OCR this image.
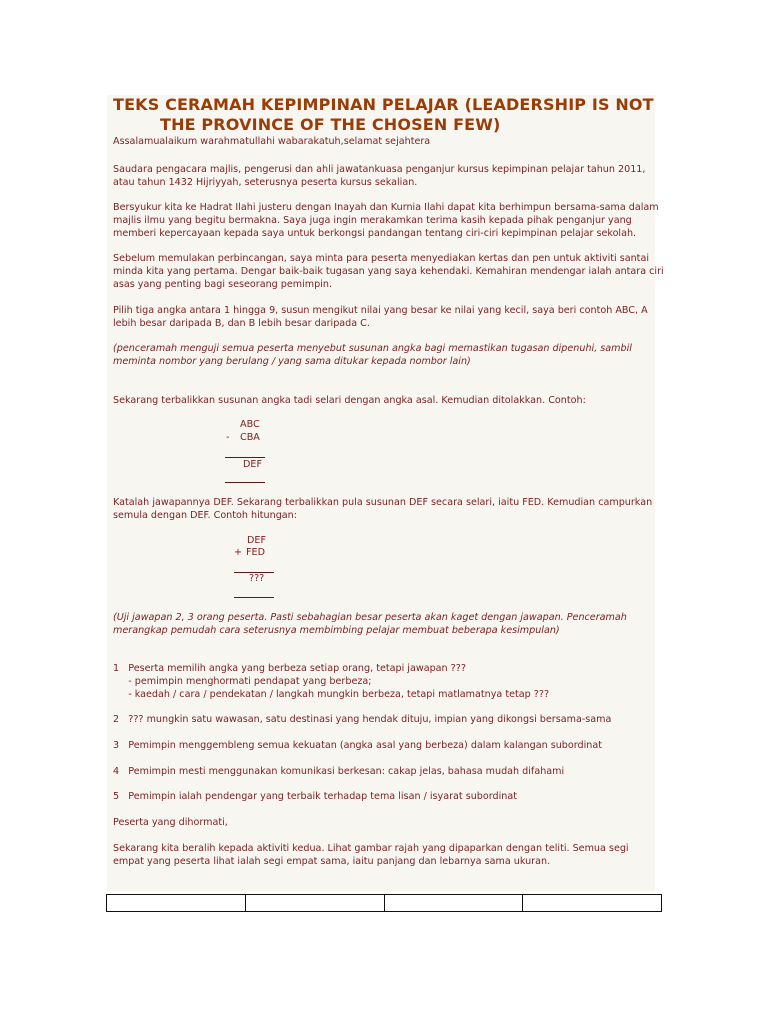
TEKS CERAMAH KEPIMPINAN PELAJAR (LEADERSHIP IS NOT
THE PROVINCE OF THE CHOSEN FEW)
Assalamualaikum warahmatullahi wabarakatuh,selamat sejahtera
Saudara pengacara majlis, pengerusi dan ahli jawatankuasa penganjur kursus kepimpinan pelajar tahun 2011,
atau tahun 1432 Hijriyyah, seterusnya peserta kursus sekalian.
Bersyukur kita ke Hadrat Ilahi justeru dengan Inayah dan Kurnia Ilahi dapat kita berhimpun bersama-sama dalam
majlis ilmu yang begitu bermakna. Saya juga ingin merakamkan terima kasih kepada pihak penganjur yang
memberi kepercayaan kepada saya untuk berkongsi pandangan tentang ciri-ciri kepimpinan pelajar sekolah.
Sebelum memulakan perbincangan, saya minta para peserta menyediakan kertas dan pen untuk aktiviti santai
minda kita yang pertama. Dengar baik-baik tugasan yang saya kehendaki. Kemahiran mendengar ialah antara ciri
asas yang penting bagi seseorang pemimpin.
Pilih tiga angka antara 1 hingga 9, susun mengikut nilai yang besar ke nilai yang kecil, saya beri contoh ABC, A
lebih besar daripada B, dan B lebih besar daripada C.
(penceramah menguji semua peserta menyebut susunan angka bagi memastikan tugasan dipenuhi, sambil
meminta nombor yang berulang / yang sama ditukar kepada nombor lain)
Sekarang terbalikkan susunan angka tadi selari dengan angka asal. Kemudian ditolakkan. Contoh:
ABC
- CBA
DEF
Katalah jawapannya DEF. Sekarang terbalikkan pula susunan DEF secara selari, iaitu FED. Kemudian campurkan
semula dengan DEF. Contoh hitungan:
DEF
+ FED
???
(Uji jawapan 2, 3 orang peserta. Pasti sebahagian besar peserta akan kaget dengan jawapan. Penceramah
merangkap pemudah cara seterusnya membimbing pelajar membuat beberapa kesimpulan)
1   Peserta memilih angka yang berbeza setiap orang, tetapi jawapan ???
- pemimpin menghormati pendapat yang berbeza;
- kaedah / cara / pendekatan / langkah mungkin berbeza, tetapi matlamatnya tetap ???
2   ??? mungkin satu wawasan, satu destinasi yang hendak dituju, impian yang dikongsi bersama-sama
3   Pemimpin menggembleng semua kekuatan (angka asal yang berbeza) dalam kalangan subordinat
4   Pemimpin mesti menggunakan komunikasi berkesan: cakap jelas, bahasa mudah difahami
5   Pemimpin ialah pendengar yang terbaik terhadap tema lisan / isyarat subordinat
Peserta yang dihormati,
Sekarang kita beralih kepada aktiviti kedua. Lihat gambar rajah yang dipaparkan dengan teliti. Semua segi
empat yang peserta lihat ialah segi empat sama, iaitu panjang dan lebarnya sama ukuran.
